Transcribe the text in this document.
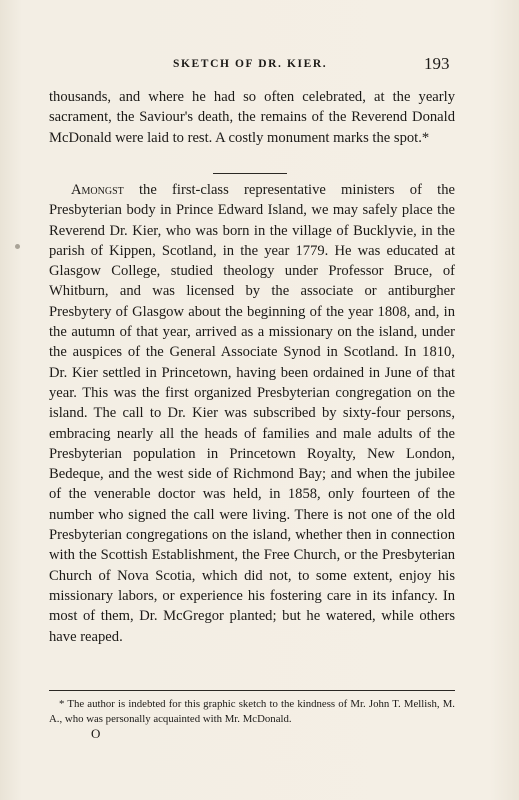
SKETCH OF DR. KIER.	193

thousands, and where he had so often celebrated, at the yearly sacrament, the Saviour's death, the remains of the Reverend Donald McDonald were laid to rest. A costly monument marks the spot.*

Amongst the first-class representative ministers of the Presbyterian body in Prince Edward Island, we may safely place the Reverend Dr. Kier, who was born in the village of Bucklyvie, in the parish of Kippen, Scotland, in the year 1779. He was educated at Glasgow College, studied theology under Professor Bruce, of Whitburn, and was licensed by the associate or antiburgher Presbytery of Glasgow about the beginning of the year 1808, and, in the autumn of that year, arrived as a missionary on the island, under the auspices of the General Associate Synod in Scotland. In 1810, Dr. Kier settled in Princetown, having been ordained in June of that year. This was the first organized Presbyterian congregation on the island. The call to Dr. Kier was subscribed by sixty-four persons, embracing nearly all the heads of families and male adults of the Presbyterian population in Princetown Royalty, New London, Bedeque, and the west side of Richmond Bay; and when the jubilee of the venerable doctor was held, in 1858, only fourteen of the number who signed the call were living. There is not one of the old Presbyterian congregations on the island, whether then in connection with the Scottish Establishment, the Free Church, or the Presbyterian Church of Nova Scotia, which did not, to some extent, enjoy his missionary labors, or experience his fostering care in its infancy. In most of them, Dr. McGregor planted; but he watered, while others have reaped.

* The author is indebted for this graphic sketch to the kindness of Mr. John T. Mellish, M. A., who was personally acquainted with Mr. McDonald.
O
